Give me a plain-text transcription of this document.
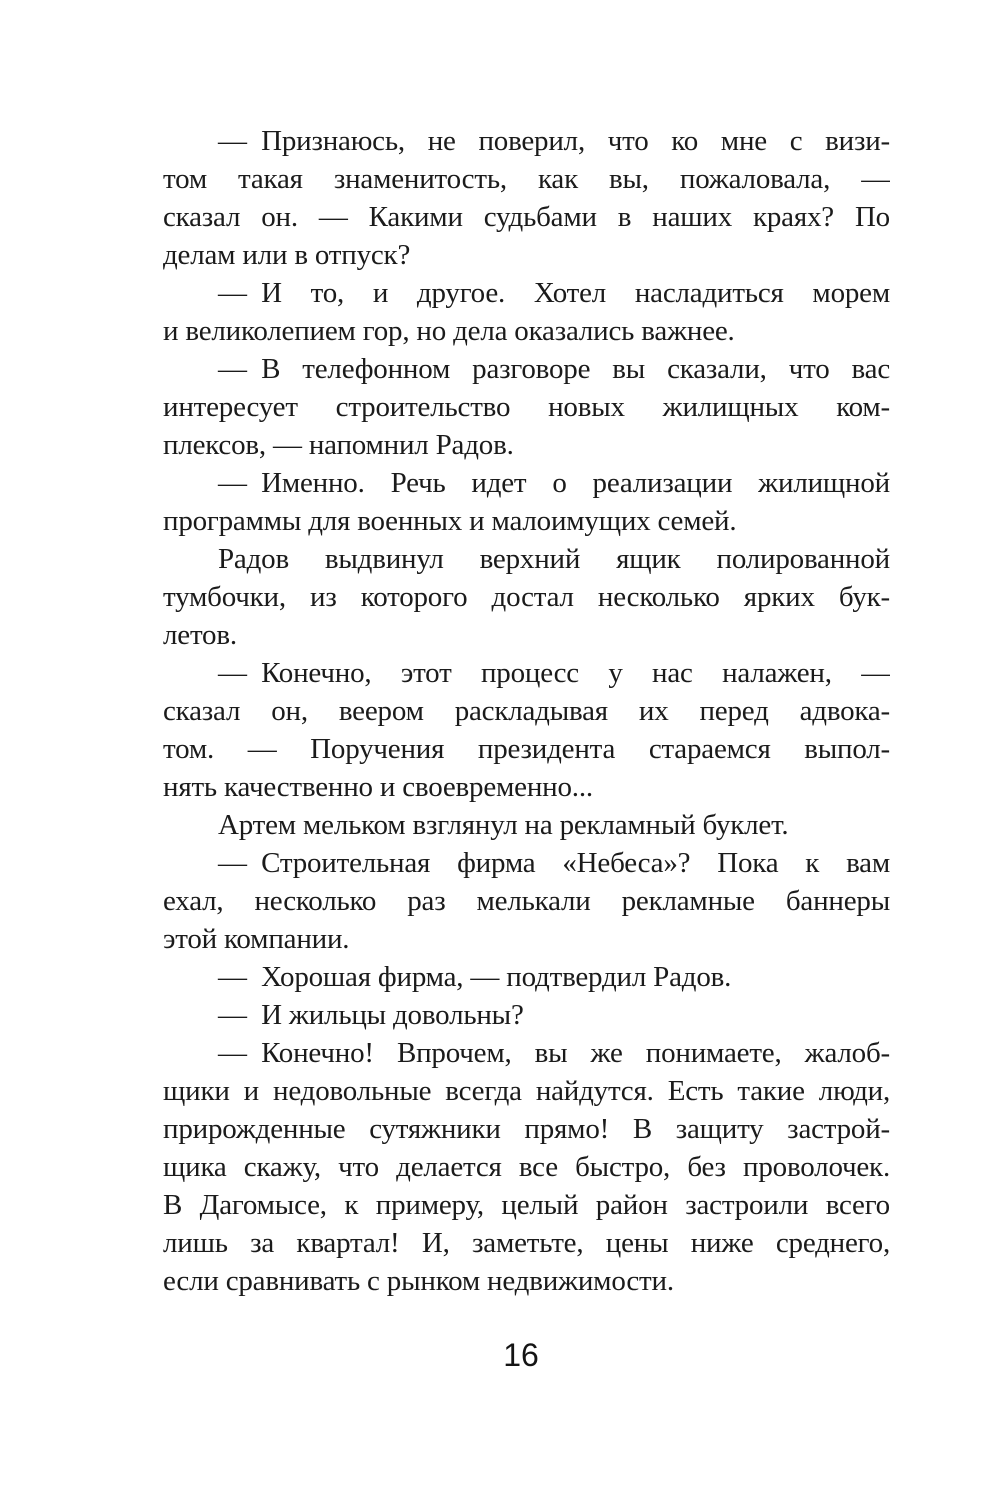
— Признаюсь, не поверил, что ко мне с визи-
том такая знаменитость, как вы, пожаловала, —
сказал он. — Какими судьбами в наших краях? По
делам или в отпуск?

— И то, и другое. Хотел насладиться морем
и великолепием гор, но дела оказались важнее.

— В телефонном разговоре вы сказали, что вас
интересует строительство новых жилищных ком-
плексов, — напомнил Радов.

— Именно. Речь идет о реализации жилищной
программы для военных и малоимущих семей.

Радов выдвинул верхний ящик полированной
тумбочки, из которого достал несколько ярких бук-
летов.

— Конечно, этот процесс у нас налажен, —
сказал он, веером раскладывая их перед адвока-
том. — Поручения президента стараемся выпол-
нять качественно и своевременно...

Артем мельком взглянул на рекламный буклет.

— Строительная фирма «Небеса»? Пока к вам
ехал, несколько раз мелькали рекламные баннеры
этой компании.

— Хорошая фирма, — подтвердил Радов.

— И жильцы довольны?

— Конечно! Впрочем, вы же понимаете, жалоб-
щики и недовольные всегда найдутся. Есть такие люди,
прирожденные сутяжники прямо! В защиту застрой-
щика скажу, что делается все быстро, без проволочек.
В Дагомысе, к примеру, целый район застроили всего
лишь за квартал! И, заметьте, цены ниже среднего,
если сравнивать с рынком недвижимости.

16
